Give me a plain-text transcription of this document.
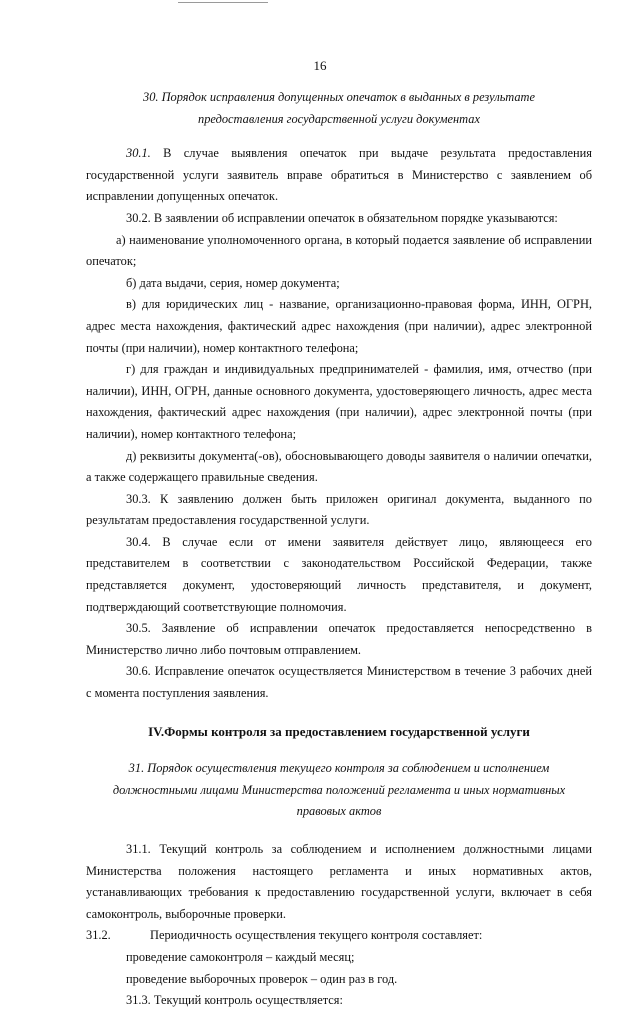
16

30. Порядок исправления допущенных опечаток в выданных в результате

предоставления государственной услуги документах

30.1. В случае выявления опечаток при выдаче результата предоставления государственной услуги заявитель вправе обратиться в Министерство с заявлением об исправлении допущенных опечаток.

30.2. В заявлении об исправлении опечаток в обязательном порядке указываются:

а) наименование уполномоченного органа, в который подается заявление об исправлении опечаток;

б) дата выдачи, серия, номер документа;

в) для юридических лиц - название, организационно-правовая форма, ИНН, ОГРН, адрес места нахождения, фактический адрес нахождения (при наличии), адрес электронной почты (при наличии), номер контактного телефона;

г) для граждан и индивидуальных предпринимателей - фамилия, имя, отчество (при наличии), ИНН, ОГРН, данные основного документа, удостоверяющего личность, адрес места нахождения, фактический адрес нахождения (при наличии), адрес электронной почты (при наличии), номер контактного телефона;

д) реквизиты документа(-ов), обосновывающего доводы заявителя о наличии опечатки, а также содержащего правильные сведения.

30.3. К заявлению должен быть приложен оригинал документа, выданного по результатам предоставления государственной услуги.

30.4. В случае если от имени заявителя действует лицо, являющееся его представителем в соответствии с законодательством Российской Федерации, также представляется документ, удостоверяющий личность представителя, и документ, подтверждающий соответствующие полномочия.

30.5. Заявление об исправлении опечаток предоставляется непосредственно в Министерство лично либо почтовым отправлением.

30.6. Исправление опечаток осуществляется Министерством в течение 3 рабочих дней с момента поступления заявления.

IV.Формы контроля за предоставлением государственной услуги

31. Порядок осуществления текущего контроля за соблюдением и исполнением

должностными лицами Министерства положений регламента и иных нормативных

правовых актов

31.1. Текущий контроль за соблюдением и исполнением должностными лицами Министерства положения настоящего регламента и иных нормативных актов, устанавливающих требования к предоставлению государственной услуги, включает в себя самоконтроль, выборочные проверки.

31.2.	Периодичность осуществления текущего контроля составляет:

проведение самоконтроля – каждый месяц;

проведение выборочных проверок – один раз в год.

31.3. Текущий контроль осуществляется:
